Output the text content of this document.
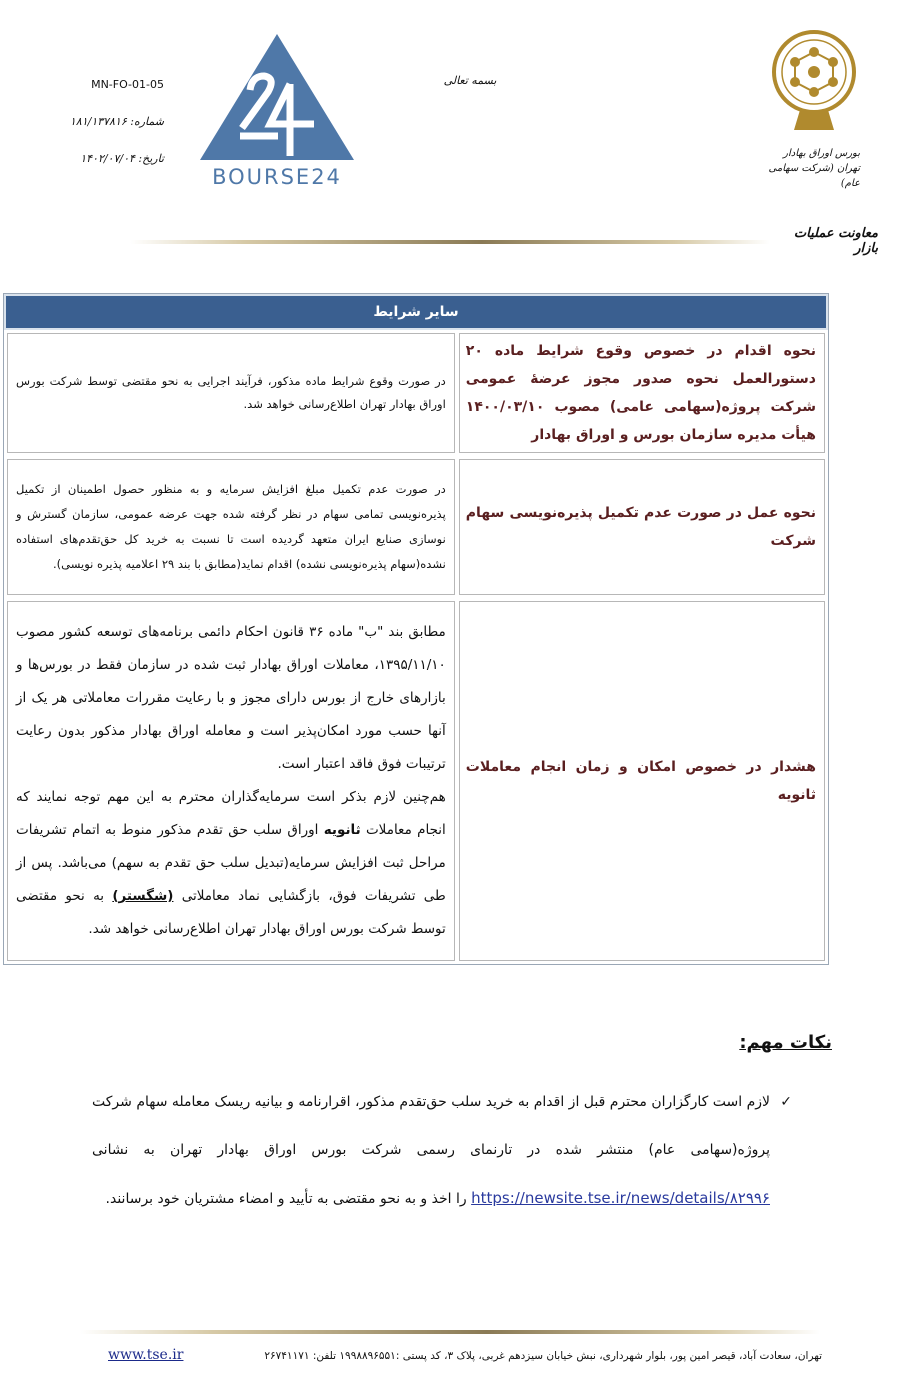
بورس اوراق بهادار تهران (شرکت سهامی عام)
BOURSE24
بسمه تعالی
MN-FO-01-05
شماره: ۱۸۱/۱۳۷۸۱۶
تاریخ: ۱۴۰۲/۰۷/۰۴
معاونت عملیات بازار
سایر شرایط
نحوه اقدام در خصوص وقوع شرایط ماده ۲۰ دستورالعمل نحوه صدور مجوز عرضهٔ عمومی شرکت پروژه(سهامی عامی) مصوب ۱۴۰۰/۰۳/۱۰ هیأت مدیره سازمان بورس و اوراق بهادار
در صورت وقوع شرایط ماده مذکور، فرآیند اجرایی به نحو مقتضی توسط شرکت بورس اوراق بهادار تهران اطلاع‌رسانی خواهد شد.
نحوه عمل در صورت عدم تکمیل پذیره‌نویسی سهام شرکت
در صورت عدم تکمیل مبلغ افزایش سرمایه و به منظور حصول اطمینان از تکمیل پذیره‌نویسی تمامی سهام در نظر گرفته شده جهت عرضه عمومی، سازمان گسترش و نوسازی صنایع ایران متعهد گردیده است تا نسبت به خرید کل حق‌تقدم‌های استفاده نشده(سهام پذیره‌نویسی نشده) اقدام نماید(مطابق با بند ۲۹ اعلامیه پذیره نویسی).
هشدار در خصوص امکان و زمان انجام معاملات ثانویه
مطابق بند "ب" ماده ۳۶ قانون احکام دائمی برنامه‌های توسعه کشور مصوب ۱۳۹۵/۱۱/۱۰، معاملات اوراق بهادار ثبت شده در سازمان فقط در بورس‌ها و بازارهای خارج از بورس دارای مجوز و با رعایت مقررات معاملاتی هر یک از آنها حسب مورد امکان‌پذیر است و معامله اوراق بهادار مذکور بدون رعایت ترتیبات فوق فاقد اعتبار است.
هم‌چنین لازم بذکر است سرمایه‌گذاران محترم به این مهم توجه نمایند که انجام معاملات ثانویه اوراق سلب حق تقدم مذکور منوط به اتمام تشریفات مراحل ثبت افزایش سرمایه(تبدیل سلب حق تقدم به سهم) می‌باشد. پس از طی تشریفات فوق، بازگشایی نماد معاملاتی (شگستر) به نحو مقتضی توسط شرکت بورس اوراق بهادار تهران اطلاع‌رسانی خواهد شد.
نکات مهم:
✓
لازم است کارگزاران محترم قبل از اقدام به خرید سلب حق‌تقدم مذکور، اقرارنامه و بیانیه ریسک معامله سهام شرکت پروژه(سهامی عام) منتشر شده در تارنمای رسمی شرکت بورس اوراق بهادار تهران به نشانی https://newsite.tse.ir/news/details/۸۲۹۹۶ را اخذ و به نحو مقتضی به تأیید و امضاء مشتریان خود برسانند.
تهران، سعادت آباد، قیصر امین پور، بلوار شهرداری، نبش خیابان سیزدهم غربی، پلاک ۳، کد پستی :۱۹۹۸۸۹۶۵۵۱ تلفن: ۲۶۷۴۱۱۷۱
www.tse.ir
